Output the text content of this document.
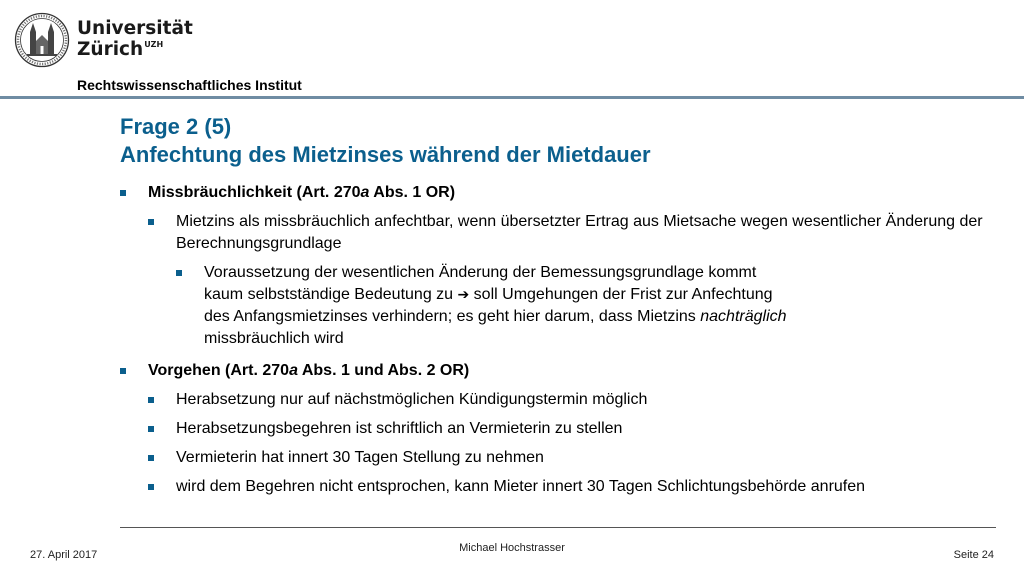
Universität
Zürich$^{UZH}$
Rechtswissenschaftliches Institut
Frage 2 (5)
Anfechtung des Mietzinses während der Mietdauer
Missbräuchlichkeit (Art. 270a Abs. 1 OR)
Mietzins als missbräuchlich anfechtbar, wenn übersetzter Ertrag aus Mietsache wegen wesentlicher Änderung der Berechnungsgrundlage
Voraussetzung der wesentlichen Änderung der Bemessungsgrundlage kommt
kaum selbstständige Bedeutung zu ➔ soll Umgehungen der Frist zur Anfechtung
des Anfangsmietzinses verhindern; es geht hier darum, dass Mietzins nachträglich
missbräuchlich wird
Vorgehen (Art. 270a Abs. 1 und Abs. 2 OR)
Herabsetzung nur auf nächstmöglichen Kündigungstermin möglich
Herabsetzungsbegehren ist schriftlich an Vermieterin zu stellen
Vermieterin hat innert 30 Tagen Stellung zu nehmen
wird dem Begehren nicht entsprochen, kann Mieter innert 30 Tagen Schlichtungsbehörde anrufen
27. April 2017
Michael Hochstrasser
Seite 24
